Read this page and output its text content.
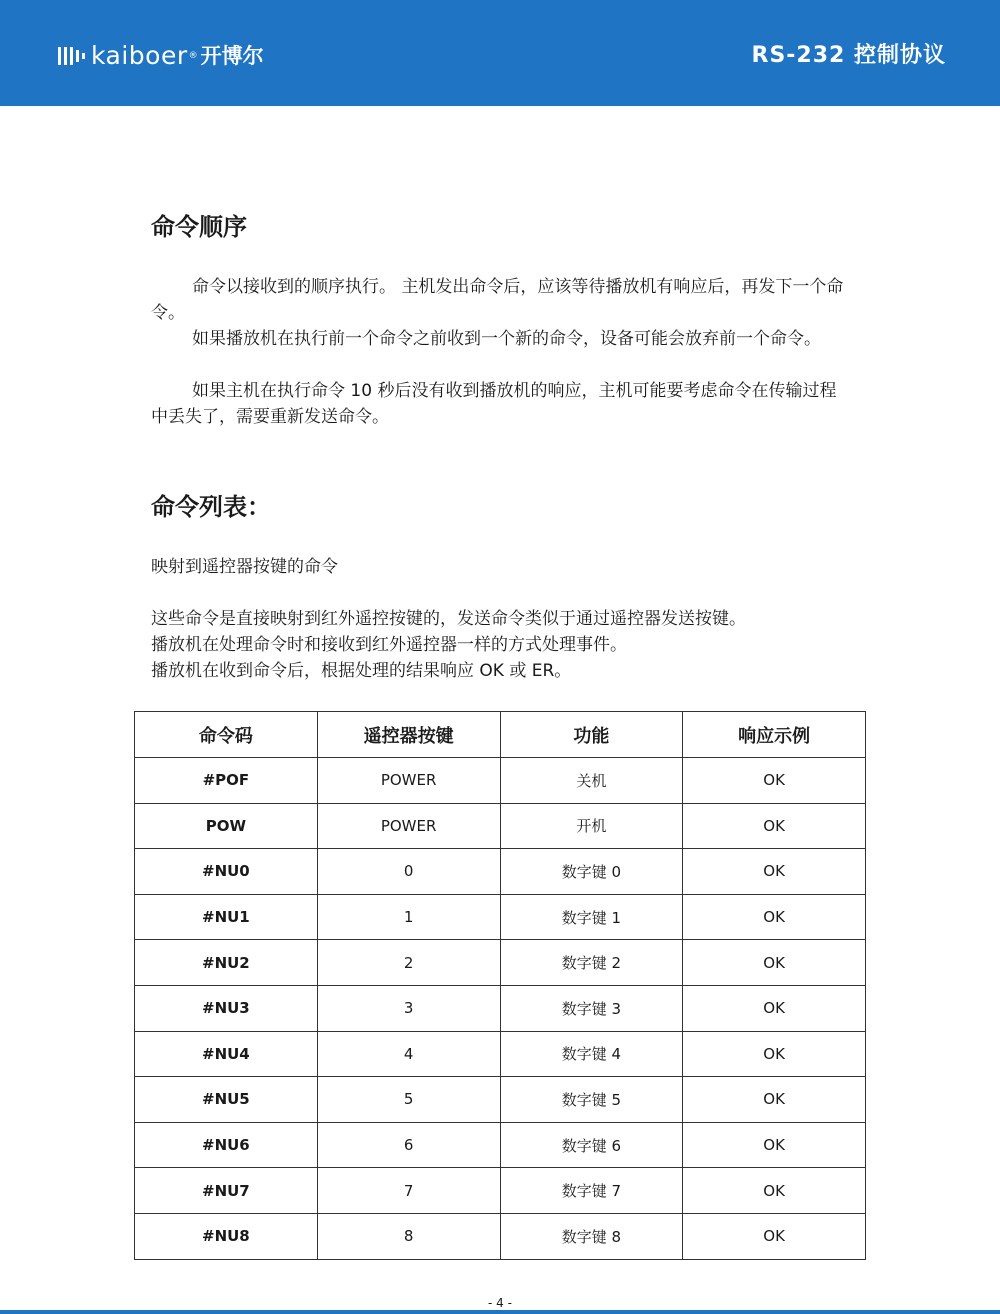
kaiboer ® 开博尔	RS-232 控制协议
命令顺序
命令以接收到的顺序执行。 主机发出命令后，应该等待播放机有响应后，再发下一个命令。
如果播放机在执行前一个命令之前收到一个新的命令，设备可能会放弃前一个命令。
如果主机在执行命令 10 秒后没有收到播放机的响应，主机可能要考虑命令在传输过程中丢失了，需要重新发送命令。
命令列表：
映射到遥控器按键的命令
这些命令是直接映射到红外遥控按键的，发送命令类似于通过遥控器发送按键。
播放机在处理命令时和接收到红外遥控器一样的方式处理事件。
播放机在收到命令后，根据处理的结果响应 OK 或 ER。
命令码	遥控器按键	功能	响应示例
#POF	POWER	关机	OK
POW	POWER	开机	OK
#NU0	0	数字键 0	OK
#NU1	1	数字键 1	OK
#NU2	2	数字键 2	OK
#NU3	3	数字键 3	OK
#NU4	4	数字键 4	OK
#NU5	5	数字键 5	OK
#NU6	6	数字键 6	OK
#NU7	7	数字键 7	OK
#NU8	8	数字键 8	OK
- 4 -
